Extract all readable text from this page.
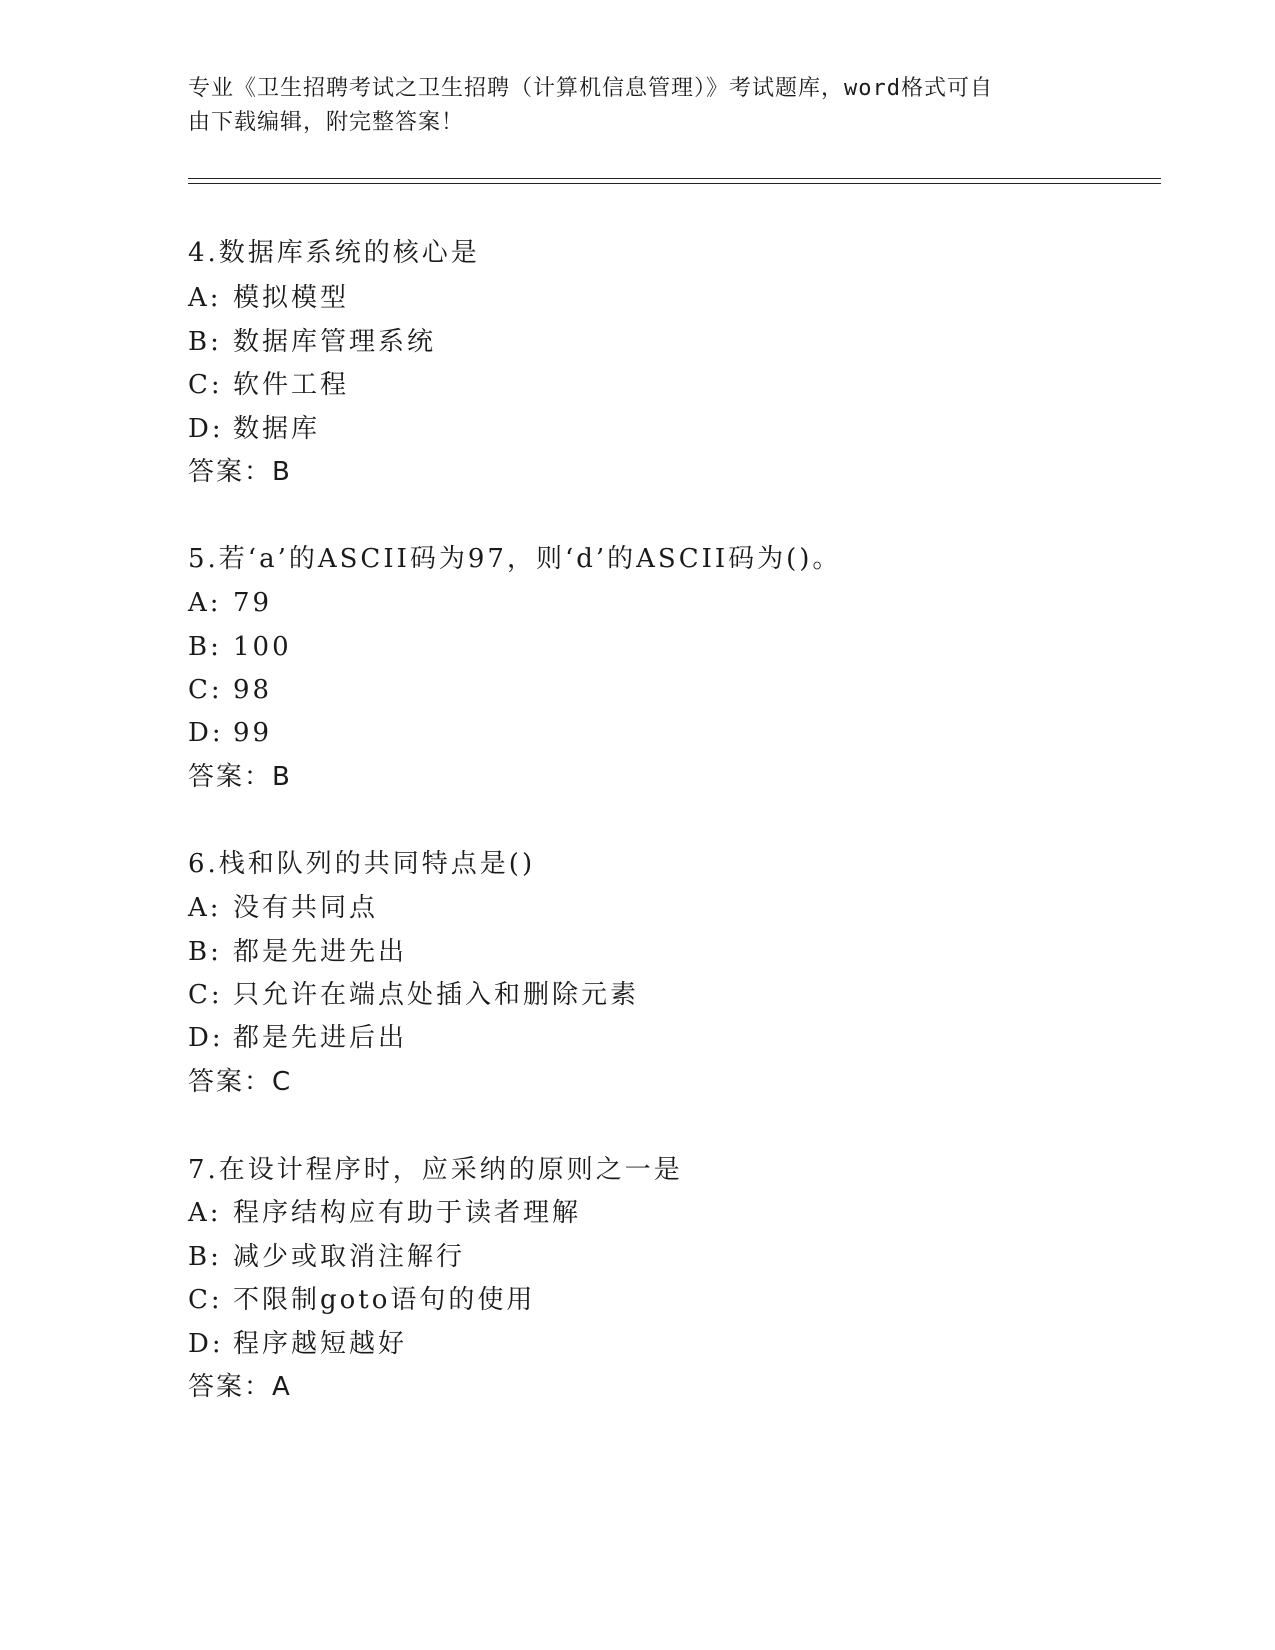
专业《卫生招聘考试之卫生招聘（计算机信息管理）》考试题库，word格式可自
由下载编辑，附完整答案！
4.数据库系统的核心是
A: 模拟模型
B: 数据库管理系统
C: 软件工程
D: 数据库
答案：B
5.若‘a’的ASCII码为97，则‘d’的ASCII码为()。
A: 79
B: 100
C: 98
D: 99
答案：B
6.栈和队列的共同特点是()
A: 没有共同点
B: 都是先进先出
C: 只允许在端点处插入和删除元素
D: 都是先进后出
答案：C
7.在设计程序时，应采纳的原则之一是
A: 程序结构应有助于读者理解
B: 减少或取消注解行
C: 不限制goto语句的使用
D: 程序越短越好
答案：A
